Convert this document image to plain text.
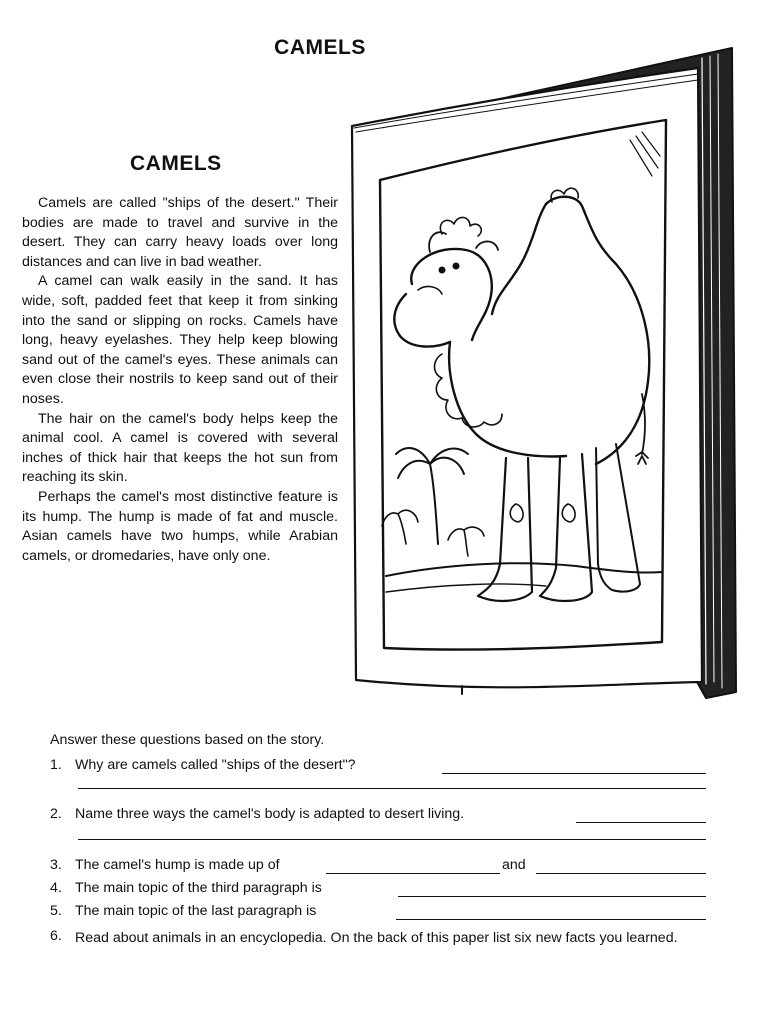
CAMELS
CAMELS

Camels are called "ships of the desert." Their bodies are made to travel and survive in the desert. They can carry heavy loads over long distances and can live in bad weather.

A camel can walk easily in the sand. It has wide, soft, padded feet that keep it from sinking into the sand or slipping on rocks. Camels have long, heavy eyelashes. They help keep blowing sand out of the camel's eyes. These animals can even close their nostrils to keep sand out of their noses.

The hair on the camel's body helps keep the animal cool. A camel is covered with several inches of thick hair that keeps the hot sun from reaching its skin.

Perhaps the camel's most distinctive feature is its hump. The hump is made of fat and muscle. Asian camels have two humps, while Arabian camels, or dromedaries, have only one.

Answer these questions based on the story.

1. Why are camels called "ships of the desert"?
2. Name three ways the camel's body is adapted to desert living.
3. The camel's hump is made up of	and
4. The main topic of the third paragraph is
5. The main topic of the last paragraph is
6. Read about animals in an encyclopedia. On the back of this paper list six new facts you learned.
